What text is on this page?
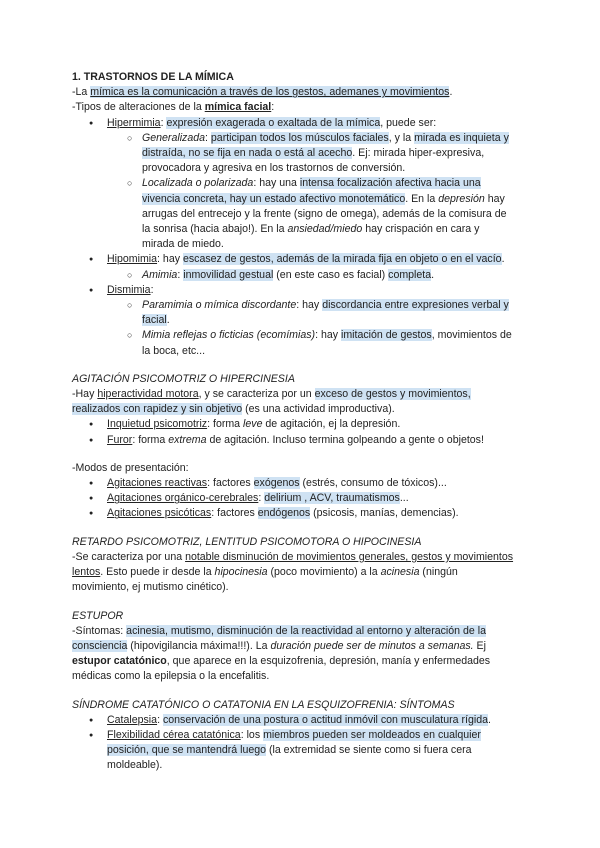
1. TRASTORNOS DE LA MÍMICA

-La mímica es la comunicación a través de los gestos, ademanes y movimientos.

-Tipos de alteraciones de la mímica facial:

● Hipermimia: expresión exagerada o exaltada de la mímica, puede ser:
○ Generalizada: participan todos los músculos faciales, y la mirada es inquieta y distraída, no se fija en nada o está al acecho. Ej: mirada hiper-expresiva, provocadora y agresiva en los trastornos de conversión.
○ Localizada o polarizada: hay una intensa focalización afectiva hacia una vivencia concreta, hay un estado afectivo monotemático. En la depresión hay arrugas del entrecejo y la frente (signo de omega), además de la comisura de la sonrisa (hacia abajo!). En la ansiedad/miedo hay crispación en cara y mirada de miedo.
● Hipomimia: hay escasez de gestos, además de la mirada fija en objeto o en el vacío.
○ Amimia: inmovilidad gestual (en este caso es facial) completa.
● Dismimia:
○ Paramimia o mímica discordante: hay discordancia entre expresiones verbal y facial.
○ Mimia reflejas o ficticias (ecomímias): hay imitación de gestos, movimientos de la boca, etc...

AGITACIÓN PSICOMOTRIZ O HIPERCINESIA

-Hay hiperactividad motora, y se caracteriza por un exceso de gestos y movimientos, realizados con rapidez y sin objetivo (es una actividad improductiva).

● Inquietud psicomotriz: forma leve de agitación, ej la depresión.
● Furor: forma extrema de agitación. Incluso termina golpeando a gente o objetos!

-Modos de presentación:

● Agitaciones reactivas: factores exógenos (estrés, consumo de tóxicos)...
● Agitaciones orgánico-cerebrales: delirium , ACV, traumatismos...
● Agitaciones psicóticas: factores endógenos (psicosis, manías, demencias).

RETARDO PSICOMOTRIZ, LENTITUD PSICOMOTORA O HIPOCINESIA

-Se caracteriza por una notable disminución de movimientos generales, gestos y movimientos lentos. Esto puede ir desde la hipocinesia (poco movimiento) a la acinesia (ningún movimiento, ej mutismo cinético).

ESTUPOR

-Síntomas: acinesia, mutismo, disminución de la reactividad al entorno y alteración de la consciencia (hipovigilancia máxima!!!). La duración puede ser de minutos a semanas. Ej estupor catatónico, que aparece en la esquizofrenia, depresión, manía y enfermedades médicas como la epilepsia o la encefalitis.

SÍNDROME CATATÓNICO O CATATONIA EN LA ESQUIZOFRENIA: SÍNTOMAS

● Catalepsia: conservación de una postura o actitud inmóvil con musculatura rígida.
● Flexibilidad cérea catatónica: los miembros pueden ser moldeados en cualquier posición, que se mantendrá luego (la extremidad se siente como si fuera cera moldeable).
